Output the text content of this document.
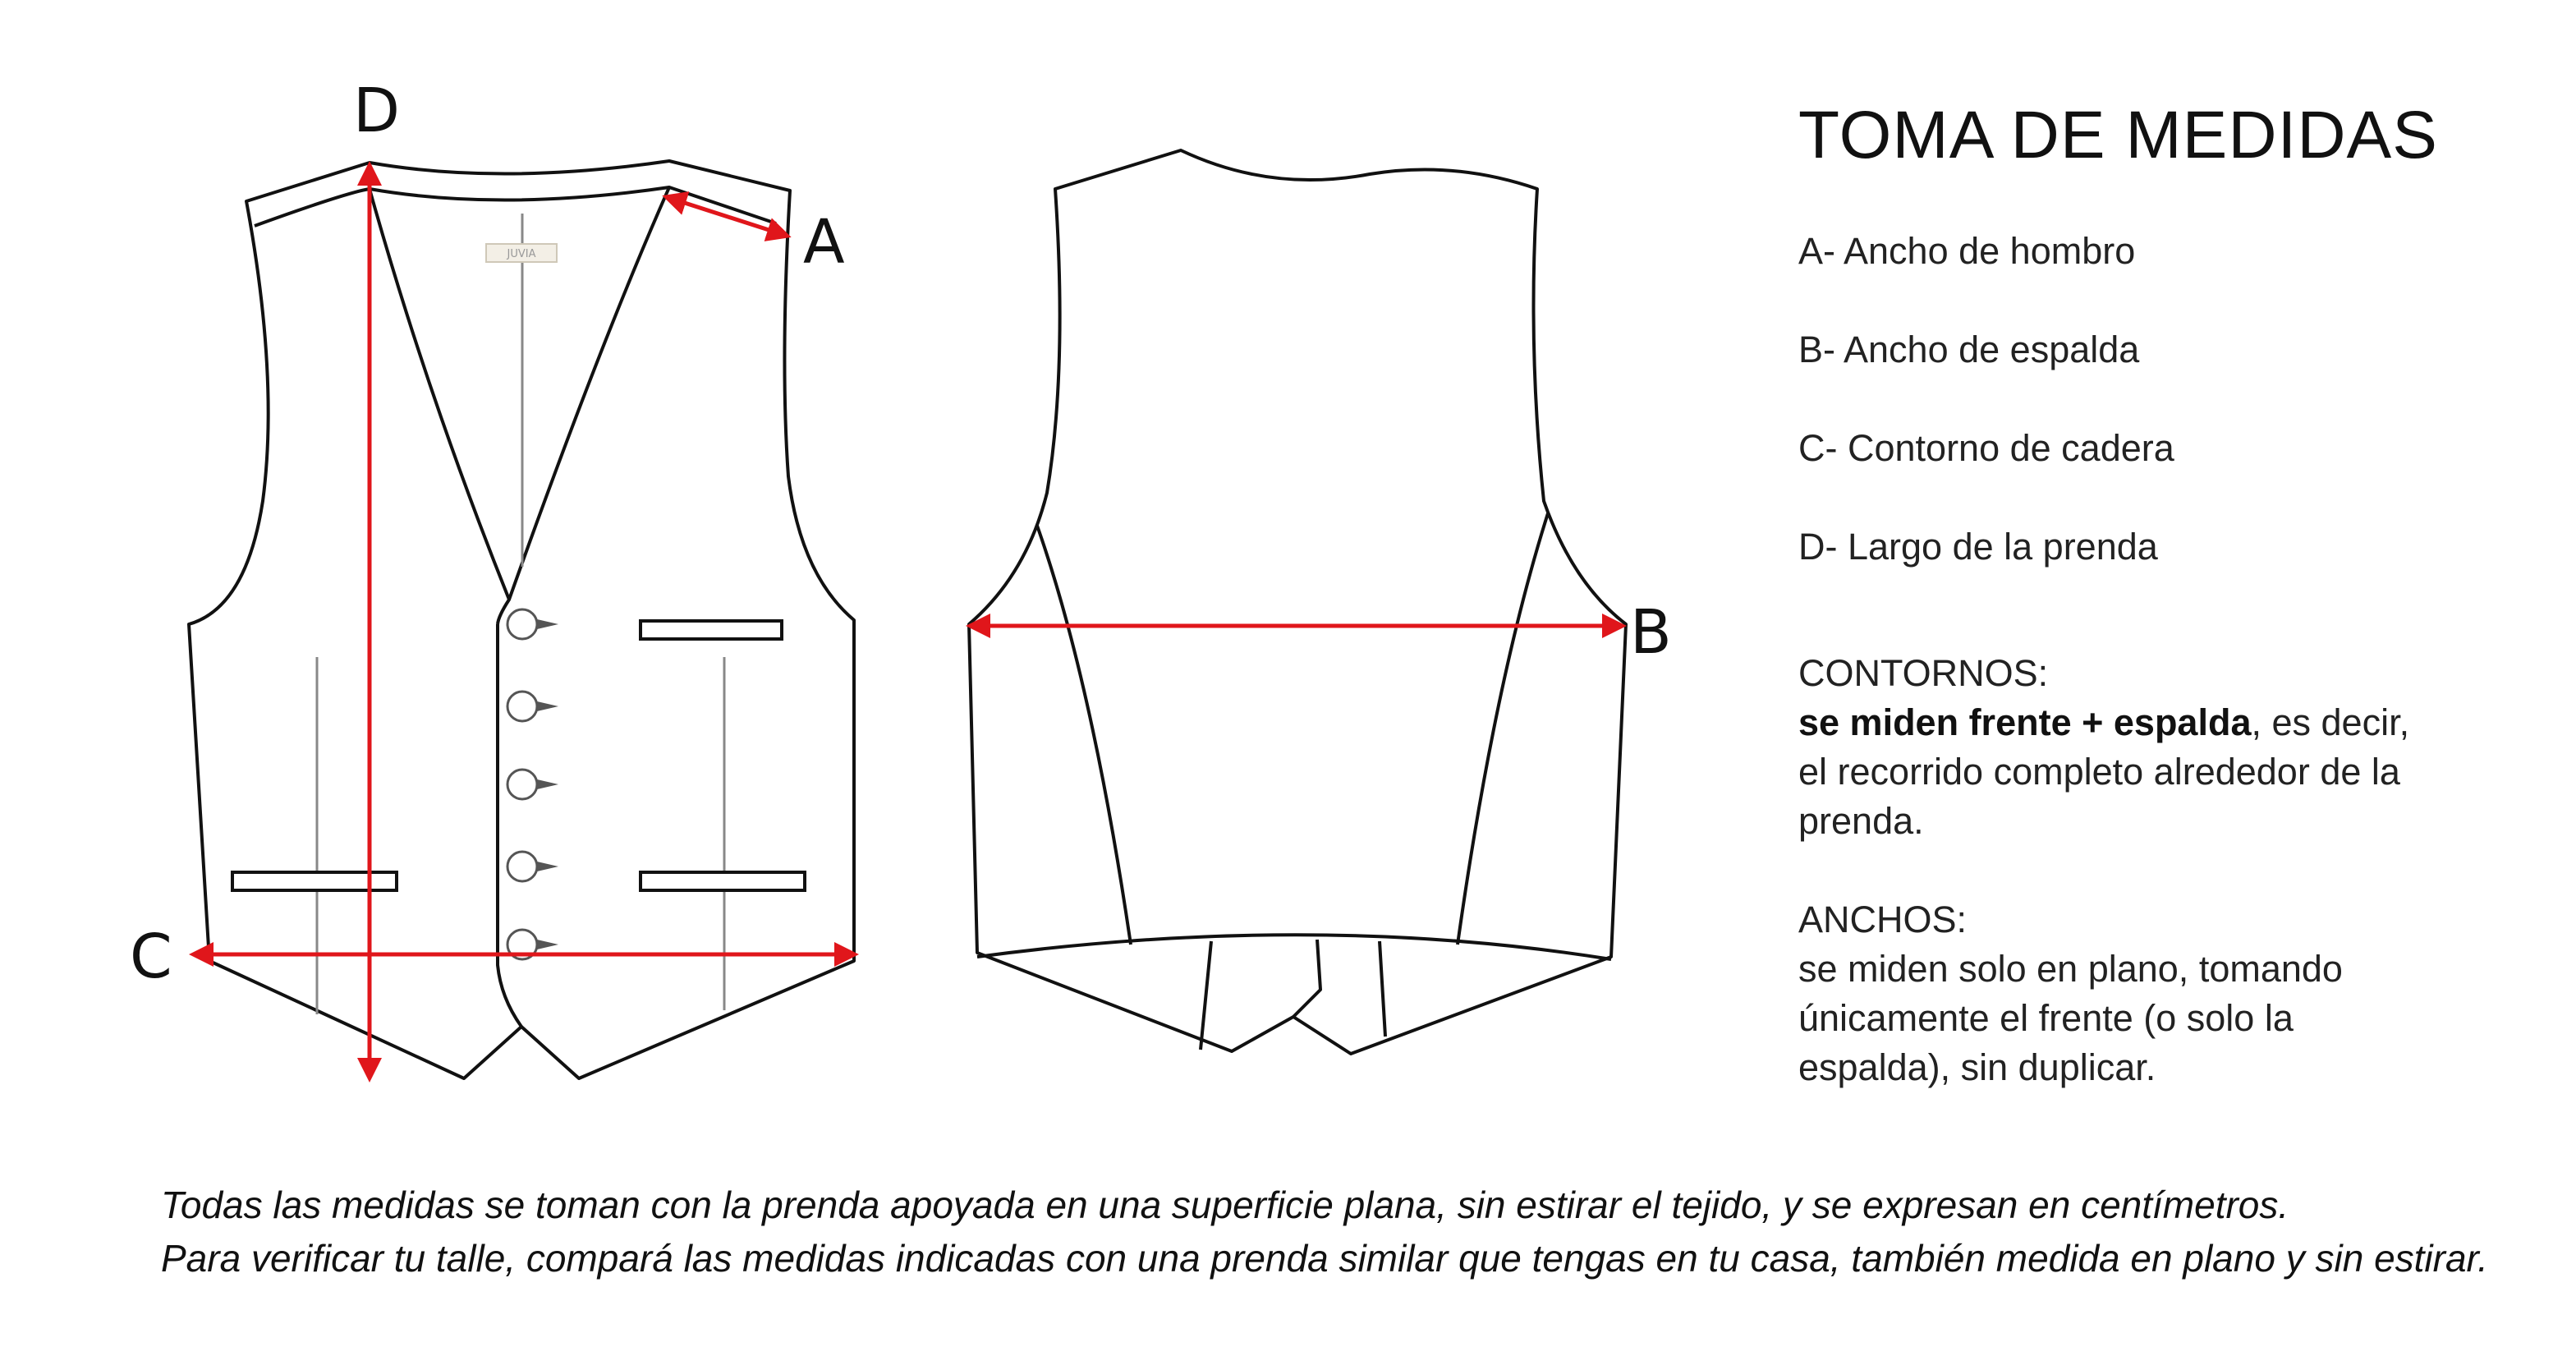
JUVIA
D
A
C
B
TOMA DE MEDIDAS
A- Ancho de hombro
B- Ancho de espalda
C- Contorno de cadera
D- Largo de la prenda
CONTORNOS:
se miden frente + espalda, es decir, el recorrido completo alrededor de la prenda.
ANCHOS:
se miden solo en plano, tomando únicamente el frente (o solo la espalda), sin duplicar.
Todas las medidas se toman con la prenda apoyada en una superficie plana, sin estirar el tejido, y se expresan en centímetros.
Para verificar tu talle, compará las medidas indicadas con una prenda similar que tengas en tu casa, también medida en plano y sin estirar.
